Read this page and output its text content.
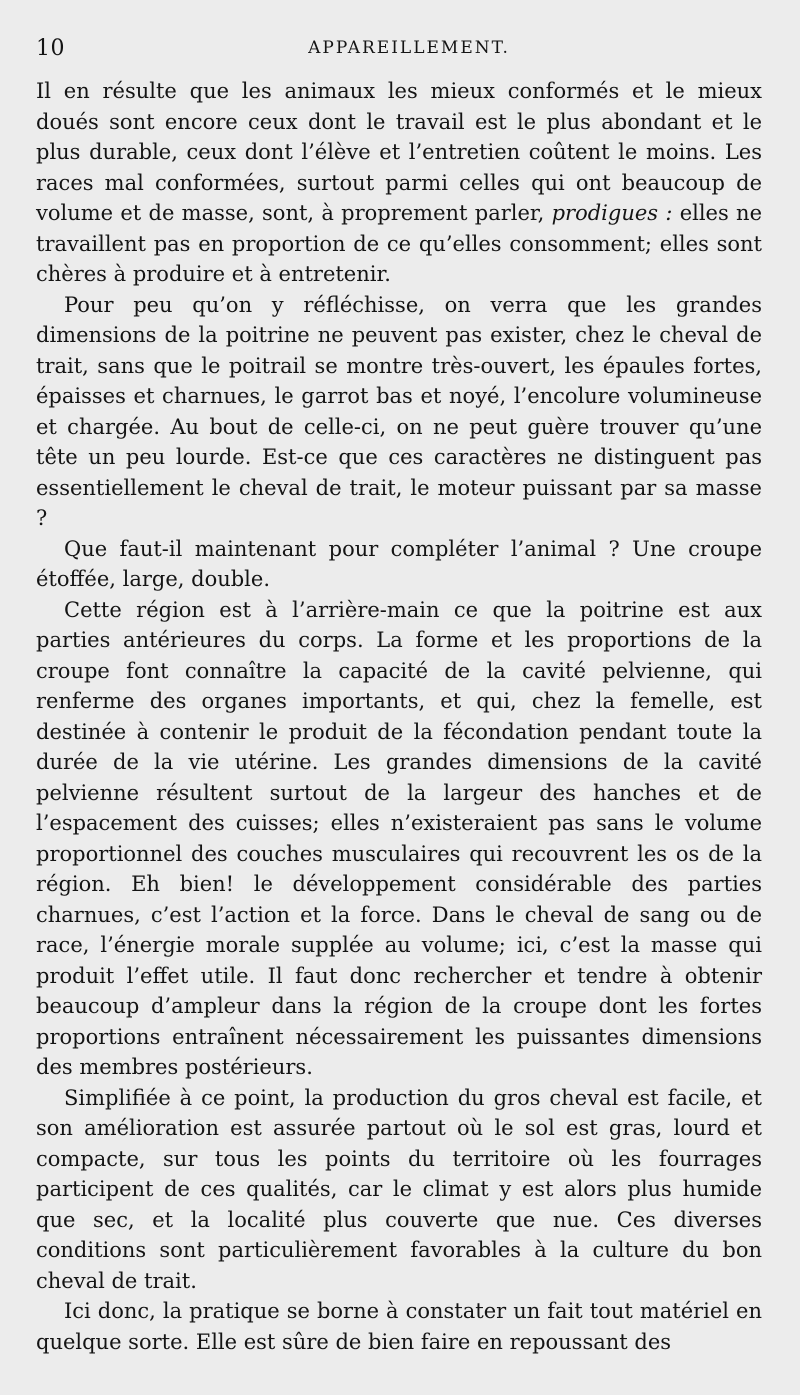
10	APPAREILLEMENT.

Il en résulte que les animaux les mieux conformés et le mieux doués sont encore ceux dont le travail est le plus abondant et le plus durable, ceux dont l’élève et l’entretien coûtent le moins. Les races mal conformées, surtout parmi celles qui ont beaucoup de volume et de masse, sont, à proprement parler, prodigues : elles ne travaillent pas en proportion de ce qu’elles consomment; elles sont chères à produire et à entretenir.

Pour peu qu’on y réfléchisse, on verra que les grandes dimensions de la poitrine ne peuvent pas exister, chez le cheval de trait, sans que le poitrail se montre très-ouvert, les épaules fortes, épaisses et charnues, le garrot bas et noyé, l’encolure volumineuse et chargée. Au bout de celle-ci, on ne peut guère trouver qu’une tête un peu lourde. Est-ce que ces caractères ne distinguent pas essentiellement le cheval de trait, le moteur puissant par sa masse ?

Que faut-il maintenant pour compléter l’animal ? Une croupe étoffée, large, double.

Cette région est à l’arrière-main ce que la poitrine est aux parties antérieures du corps. La forme et les proportions de la croupe font connaître la capacité de la cavité pelvienne, qui renferme des organes importants, et qui, chez la femelle, est destinée à contenir le produit de la fécondation pendant toute la durée de la vie utérine. Les grandes dimensions de la cavité pelvienne résultent surtout de la largeur des hanches et de l’espacement des cuisses; elles n’existeraient pas sans le volume proportionnel des couches musculaires qui recouvrent les os de la région. Eh bien! le développement considérable des parties charnues, c’est l’action et la force. Dans le cheval de sang ou de race, l’énergie morale supplée au volume; ici, c’est la masse qui produit l’effet utile. Il faut donc rechercher et tendre à obtenir beaucoup d’ampleur dans la région de la croupe dont les fortes proportions entraînent nécessairement les puissantes dimensions des membres postérieurs.

Simplifiée à ce point, la production du gros cheval est facile, et son amélioration est assurée partout où le sol est gras, lourd et compacte, sur tous les points du territoire où les fourrages participent de ces qualités, car le climat y est alors plus humide que sec, et la localité plus couverte que nue. Ces diverses conditions sont particulièrement favorables à la culture du bon cheval de trait.

Ici donc, la pratique se borne à constater un fait tout matériel en quelque sorte. Elle est sûre de bien faire en repoussant des
